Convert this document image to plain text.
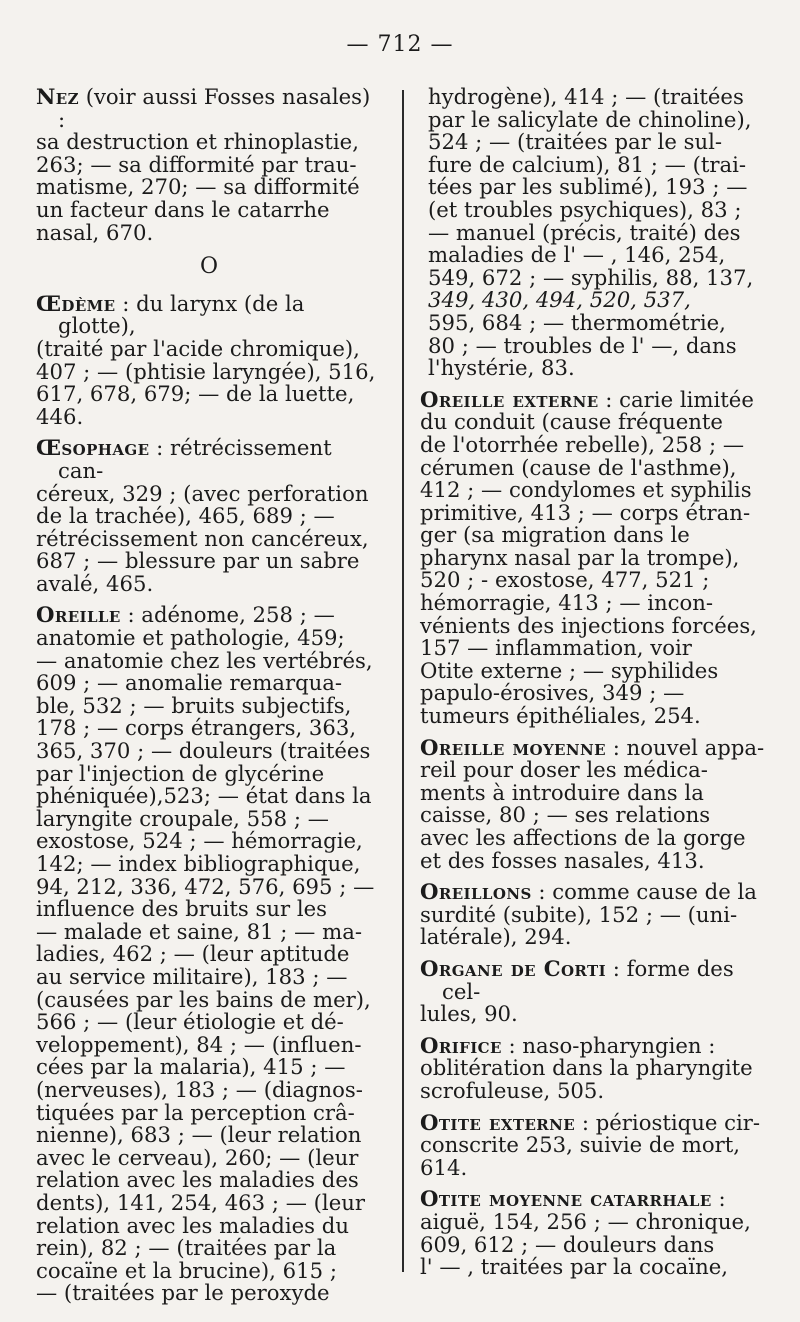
— 712 —
Nez (voir aussi Fosses nasales) :
sa destruction et rhinoplastie,
263; — sa difformité par trau-
matisme, 270; — sa difformité
un facteur dans le catarrhe
nasal, 670.
O
Œdème : du larynx (de la glotte),
(traité par l'acide chromique),
407 ; — (phtisie laryngée), 516,
617, 678, 679; — de la luette,
446.
Œsophage : rétrécissement can-
céreux, 329 ; (avec perforation
de la trachée), 465, 689 ; —
rétrécissement non cancéreux,
687 ; — blessure par un sabre
avalé, 465.
Oreille : adénome, 258 ; —
anatomie et pathologie, 459;
— anatomie chez les vertébrés,
609 ; — anomalie remarqua-
ble, 532 ; — bruits subjectifs,
178 ; — corps étrangers, 363,
365, 370 ; — douleurs (traitées
par l'injection de glycérine
phéniquée),523; — état dans la
laryngite croupale, 558 ; —
exostose, 524 ; — hémorragie,
142; — index bibliographique,
94, 212, 336, 472, 576, 695 ; —
influence des bruits sur les
— malade et saine, 81 ; — ma-
ladies, 462 ; — (leur aptitude
au service militaire), 183 ; —
(causées par les bains de mer),
566 ; — (leur étiologie et dé-
veloppement), 84 ; — (influen-
cées par la malaria), 415 ; —
(nerveuses), 183 ; — (diagnos-
tiquées par la perception crâ-
nienne), 683 ; — (leur relation
avec le cerveau), 260; — (leur
relation avec les maladies des
dents), 141, 254, 463 ; — (leur
relation avec les maladies du
rein), 82 ; — (traitées par la
cocaïne et la brucine), 615 ;
— (traitées par le peroxyde
hydrogène), 414 ; — (traitées
par le salicylate de chinoline),
524 ; — (traitées par le sul-
fure de calcium), 81 ; — (trai-
tées par les sublimé), 193 ; —
(et troubles psychiques), 83 ;
— manuel (précis, traité) des
maladies de l' — , 146, 254,
549, 672 ; — syphilis, 88, 137,
349, 430, 494, 520, 537,
595, 684 ; — thermométrie,
80 ; — troubles de l' —, dans
l'hystérie, 83.
Oreille externe : carie limitée
du conduit (cause fréquente
de l'otorrhée rebelle), 258 ; —
cérumen (cause de l'asthme),
412 ; — condylomes et syphilis
primitive, 413 ; — corps étran-
ger (sa migration dans le
pharynx nasal par la trompe),
520 ; - exostose, 477, 521 ;
hémorragie, 413 ; — incon-
vénients des injections forcées,
157 — inflammation, voir
Otite externe ; — syphilides
papulo-érosives, 349 ; —
tumeurs épithéliales, 254.
Oreille moyenne : nouvel appa-
reil pour doser les médica-
ments à introduire dans la
caisse, 80 ; — ses relations
avec les affections de la gorge
et des fosses nasales, 413.
Oreillons : comme cause de la
surdité (subite), 152 ; — (uni-
latérale), 294.
Organe de Corti : forme des cel-
lules, 90.
Orifice : naso-pharyngien :
oblitération dans la pharyngite
scrofuleuse, 505.
Otite externe : périostique cir-
conscrite 253, suivie de mort,
614.
Otite moyenne catarrhale :
aiguë, 154, 256 ; — chronique,
609, 612 ; — douleurs dans
l' — , traitées par la cocaïne,
